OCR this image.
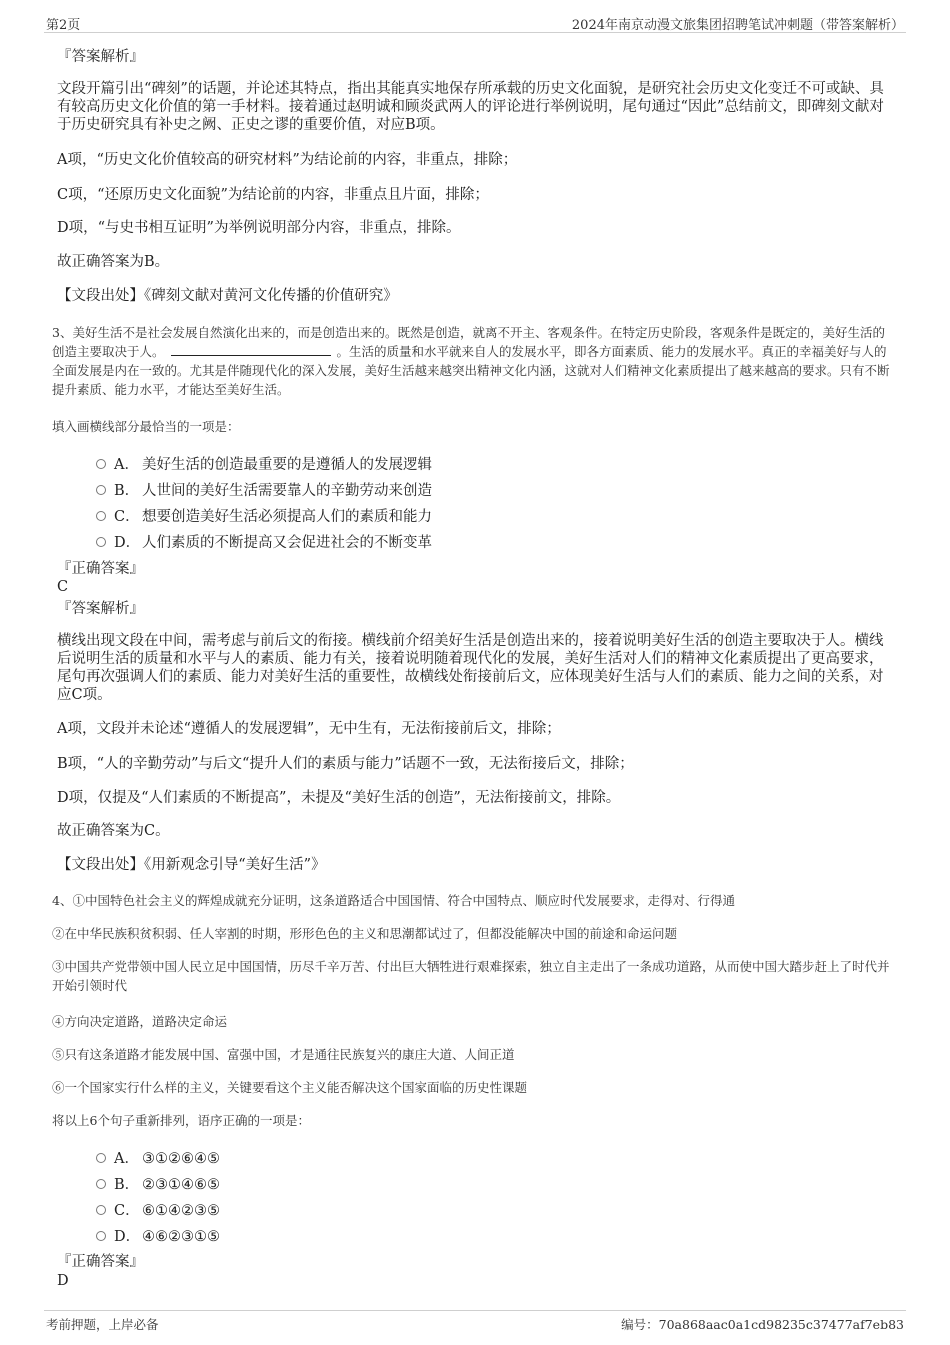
第2页	2024年南京动漫文旅集团招聘笔试冲刺题（带答案解析）
『答案解析』
文段开篇引出“碑刻”的话题，并论述其特点，指出其能真实地保存所承载的历史文化面貌，是研究社会历史文化变迁不可或缺、具有较高历史文化价值的第一手材料。接着通过赵明诚和顾炎武两人的评论进行举例说明，尾句通过“因此”总结前文，即碑刻文献对于历史研究具有补史之阙、正史之谬的重要价值，对应B项。
A项，“历史文化价值较高的研究材料”为结论前的内容，非重点，排除；
C项，“还原历史文化面貌”为结论前的内容，非重点且片面，排除；
D项，“与史书相互证明”为举例说明部分内容，非重点，排除。
故正确答案为B。
【文段出处】《碑刻文献对黄河文化传播的价值研究》
3、美好生活不是社会发展自然演化出来的，而是创造出来的。既然是创造，就离不开主、客观条件。在特定历史阶段，客观条件是既定的，美好生活的创造主要取决于人。	。生活的质量和水平就来自人的发展水平，即各方面素质、能力的发展水平。真正的幸福美好与人的全面发展是内在一致的。尤其是伴随现代化的深入发展，美好生活越来越突出精神文化内涵，这就对人们精神文化素质提出了越来越高的要求。只有不断提升素质、能力水平，才能达至美好生活。
填入画横线部分最恰当的一项是：
A． 美好生活的创造最重要的是遵循人的发展逻辑
B． 人世间的美好生活需要靠人的辛勤劳动来创造
C． 想要创造美好生活必须提高人们的素质和能力
D． 人们素质的不断提高又会促进社会的不断变革
『正确答案』
C
『答案解析』
横线出现文段在中间，需考虑与前后文的衔接。横线前介绍美好生活是创造出来的，接着说明美好生活的创造主要取决于人。横线后说明生活的质量和水平与人的素质、能力有关，接着说明随着现代化的发展，美好生活对人们的精神文化素质提出了更高要求，尾句再次强调人们的素质、能力对美好生活的重要性，故横线处衔接前后文，应体现美好生活与人们的素质、能力之间的关系，对应C项。
A项，文段并未论述“遵循人的发展逻辑”，无中生有，无法衔接前后文，排除；
B项，“人的辛勤劳动”与后文“提升人们的素质与能力”话题不一致，无法衔接后文，排除；
D项，仅提及“人们素质的不断提高”，未提及“美好生活的创造”，无法衔接前文，排除。
故正确答案为C。
【文段出处】《用新观念引导“美好生活”》
4、①中国特色社会主义的辉煌成就充分证明，这条道路适合中国国情、符合中国特点、顺应时代发展要求，走得对、行得通
②在中华民族积贫积弱、任人宰割的时期，形形色色的主义和思潮都试过了，但都没能解决中国的前途和命运问题
③中国共产党带领中国人民立足中国国情，历尽千辛万苦、付出巨大牺牲进行艰难探索，独立自主走出了一条成功道路，从而使中国大踏步赶上了时代并开始引领时代
④方向决定道路，道路决定命运
⑤只有这条道路才能发展中国、富强中国，才是通往民族复兴的康庄大道、人间正道
⑥一个国家实行什么样的主义，关键要看这个主义能否解决这个国家面临的历史性课题
将以上6个句子重新排列，语序正确的一项是：
A． ③①②⑥④⑤
B． ②③①④⑥⑤
C． ⑥①④②③⑤
D． ④⑥②③①⑤
『正确答案』
D
考前押题，上岸必备	编号：70a868aac0a1cd98235c37477af7eb83
